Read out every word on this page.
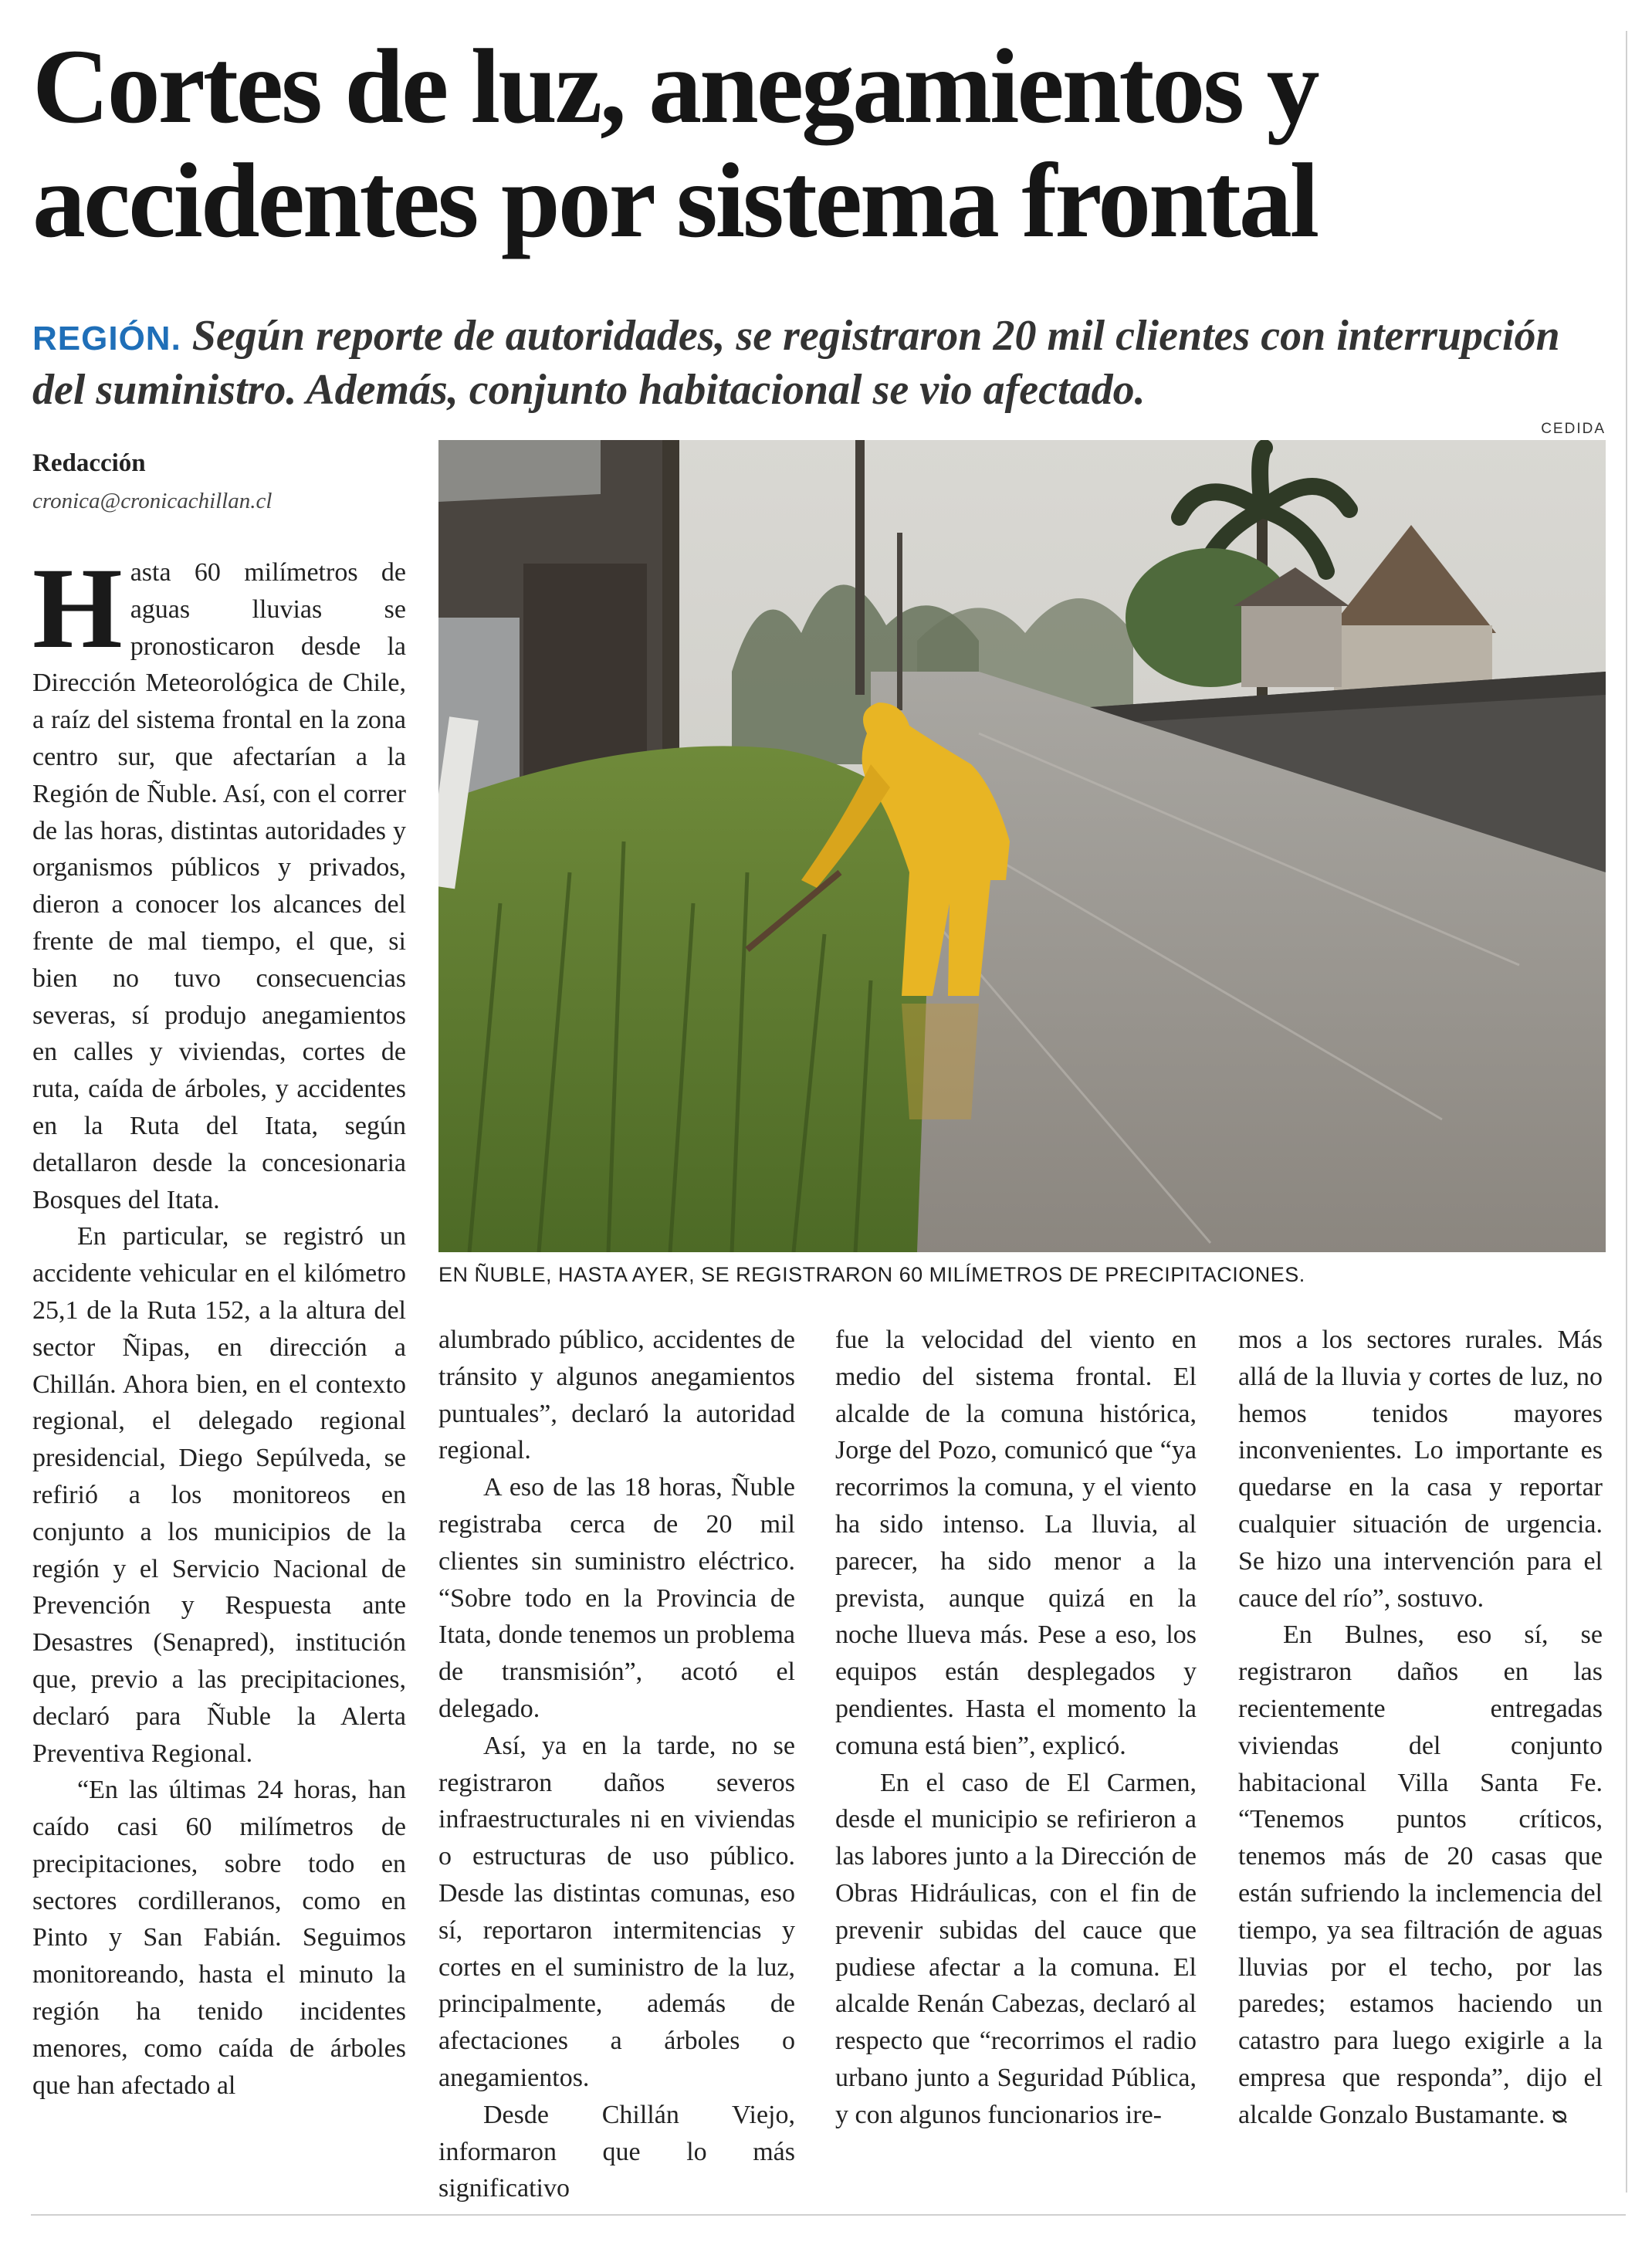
Cortes de luz, anegamientos y
accidentes por sistema frontal
REGIÓN. Según reporte de autoridades, se registraron 20 mil clientes con interrupción del suministro. Además, conjunto habitacional se vio afectado.
CEDIDA
EN ÑUBLE, HASTA AYER, SE REGISTRARON 60 MILÍMETROS DE PRECIPITACIONES.
Redacción
cronica@cronicachillan.cl

Hasta 60 milímetros de aguas lluvias se pronosticaron desde la Dirección Meteorológica de Chile, a raíz del sistema frontal en la zona centro sur, que afectarían a la Región de Ñuble. Así, con el correr de las horas, distintas autoridades y organismos públicos y privados, dieron a conocer los alcances del frente de mal tiempo, el que, si bien no tuvo consecuencias severas, sí produjo anegamientos en calles y viviendas, cortes de ruta, caída de árboles, y accidentes en la Ruta del Itata, según detallaron desde la concesionaria Bosques del Itata.

En particular, se registró un accidente vehicular en el kilómetro 25,1 de la Ruta 152, a la altura del sector Ñipas, en dirección a Chillán. Ahora bien, en el contexto regional, el delegado regional presidencial, Diego Sepúlveda, se refirió a los monitoreos en conjunto a los municipios de la región y el Servicio Nacional de Prevención y Respuesta ante Desastres (Senapred), institución que, previo a las precipitaciones, declaró para Ñuble la Alerta Preventiva Regional.

“En las últimas 24 horas, han caído casi 60 milímetros de precipitaciones, sobre todo en sectores cordilleranos, como en Pinto y San Fabián. Seguimos monitoreando, hasta el minuto la región ha tenido incidentes menores, como caída de árboles que han afectado al

alumbrado público, accidentes de tránsito y algunos anegamientos puntuales”, declaró la autoridad regional.

A eso de las 18 horas, Ñuble registraba cerca de 20 mil clientes sin suministro eléctrico. “Sobre todo en la Provincia de Itata, donde tenemos un problema de transmisión”, acotó el delegado.

Así, ya en la tarde, no se registraron daños severos infraestructurales ni en viviendas o estructuras de uso público. Desde las distintas comunas, eso sí, reportaron intermitencias y cortes en el suministro de la luz, principalmente, además de afectaciones a árboles o anegamientos.

Desde Chillán Viejo, informaron que lo más significativo

fue la velocidad del viento en medio del sistema frontal. El alcalde de la comuna histórica, Jorge del Pozo, comunicó que “ya recorrimos la comuna, y el viento ha sido intenso. La lluvia, al parecer, ha sido menor a la prevista, aunque quizá en la noche llueva más. Pese a eso, los equipos están desplegados y pendientes. Hasta el momento la comuna está bien”, explicó.

En el caso de El Carmen, desde el municipio se refirieron a las labores junto a la Dirección de Obras Hidráulicas, con el fin de prevenir subidas del cauce que pudiese afectar a la comuna. El alcalde Renán Cabezas, declaró al respecto que “recorrimos el radio urbano junto a Seguridad Pública, y con algunos funcionarios ire-

mos a los sectores rurales. Más allá de la lluvia y cortes de luz, no hemos tenidos mayores inconvenientes. Lo importante es quedarse en la casa y reportar cualquier situación de urgencia. Se hizo una intervención para el cauce del río”, sostuvo.

En Bulnes, eso sí, se registraron daños en las recientemente entregadas viviendas del conjunto habitacional Villa Santa Fe. “Tenemos puntos críticos, tenemos más de 20 casas que están sufriendo la inclemencia del tiempo, ya sea filtración de aguas lluvias por el techo, por las paredes; estamos haciendo un catastro para luego exigirle a la empresa que responda”, dijo el alcalde Gonzalo Bustamante. ᴓ
